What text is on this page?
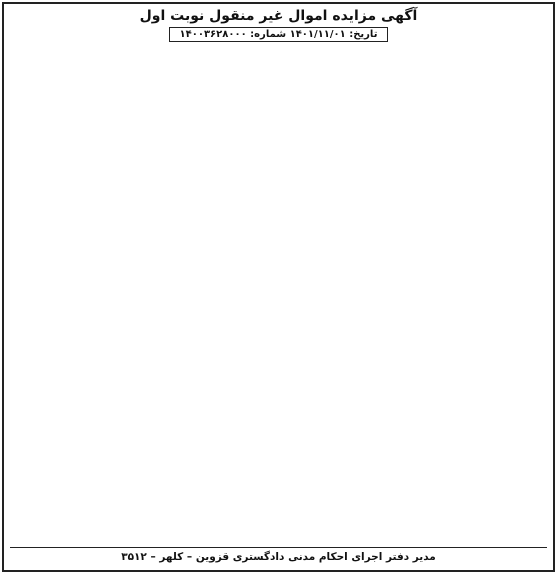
آگهی مزایده اموال غیر منقول نوبت اول
تاریخ: ۱۴۰۱/۱۱/۰۱ شماره: ۱۴۰۰۳۶۲۸۰۰۰
مدیر دفتر اجرای احکام مدنی دادگستری قزوین – کلهر – ۳۵۱۲
